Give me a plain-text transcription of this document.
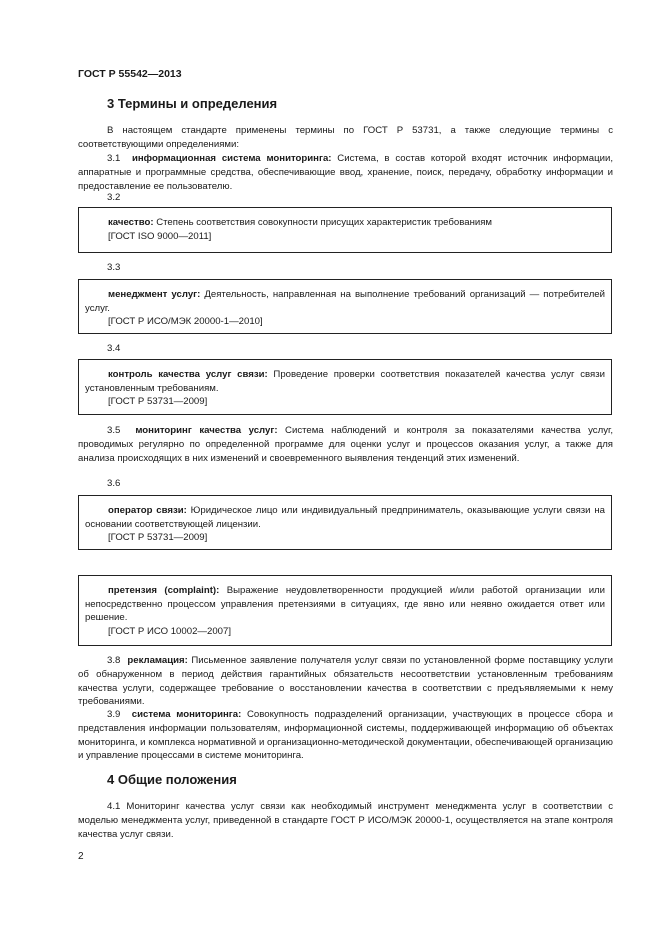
ГОСТ Р 55542—2013
3 Термины и определения
В настоящем стандарте применены термины по ГОСТ Р 53731, а также следующие термины с соответствующими определениями:
3.1 информационная система мониторинга: Система, в состав которой входят источник информации, аппаратные и программные средства, обеспечивающие ввод, хранение, поиск, передачу, обработку информации и предоставление ее пользователю.
3.2
качество: Степень соответствия совокупности присущих характеристик требованиям
[ГОСТ ISO 9000—2011]
3.3
менеджмент услуг: Деятельность, направленная на выполнение требований организаций — потребителей услуг.
[ГОСТ Р ИСО/МЭК 20000-1—2010]
3.4
контроль качества услуг связи: Проведение проверки соответствия показателей качества услуг связи установленным требованиям.
[ГОСТ Р 53731—2009]
3.5 мониторинг качества услуг: Система наблюдений и контроля за показателями качества услуг, проводимых регулярно по определенной программе для оценки услуг и процессов оказания услуг, а также для анализа происходящих в них изменений и своевременного выявления тенденций этих изменений.
3.6
оператор связи: Юридическое лицо или индивидуальный предприниматель, оказывающие услуги связи на основании соответствующей лицензии.
[ГОСТ Р 53731—2009]
претензия (complaint): Выражение неудовлетворенности продукцией и/или работой организации или непосредственно процессом управления претензиями в ситуациях, где явно или неявно ожидается ответ или решение.
[ГОСТ Р ИСО 10002—2007]
3.8 рекламация: Письменное заявление получателя услуг связи по установленной форме поставщику услуги об обнаруженном в период действия гарантийных обязательств несоответствии установленным требованиям качества услуги, содержащее требование о восстановлении качества в соответствии с предъявляемыми к нему требованиями.
3.9 система мониторинга: Совокупность подразделений организации, участвующих в процессе сбора и представления информации пользователям, информационной системы, поддерживающей информацию об объектах мониторинга, и комплекса нормативной и организационно-методической документации, обеспечивающей организацию и управление процессами в системе мониторинга.
4 Общие положения
4.1 Мониторинг качества услуг связи как необходимый инструмент менеджмента услуг в соответствии с моделью менеджмента услуг, приведенной в стандарте ГОСТ Р ИСО/МЭК 20000-1, осуществляется на этапе контроля качества услуг связи.
2
